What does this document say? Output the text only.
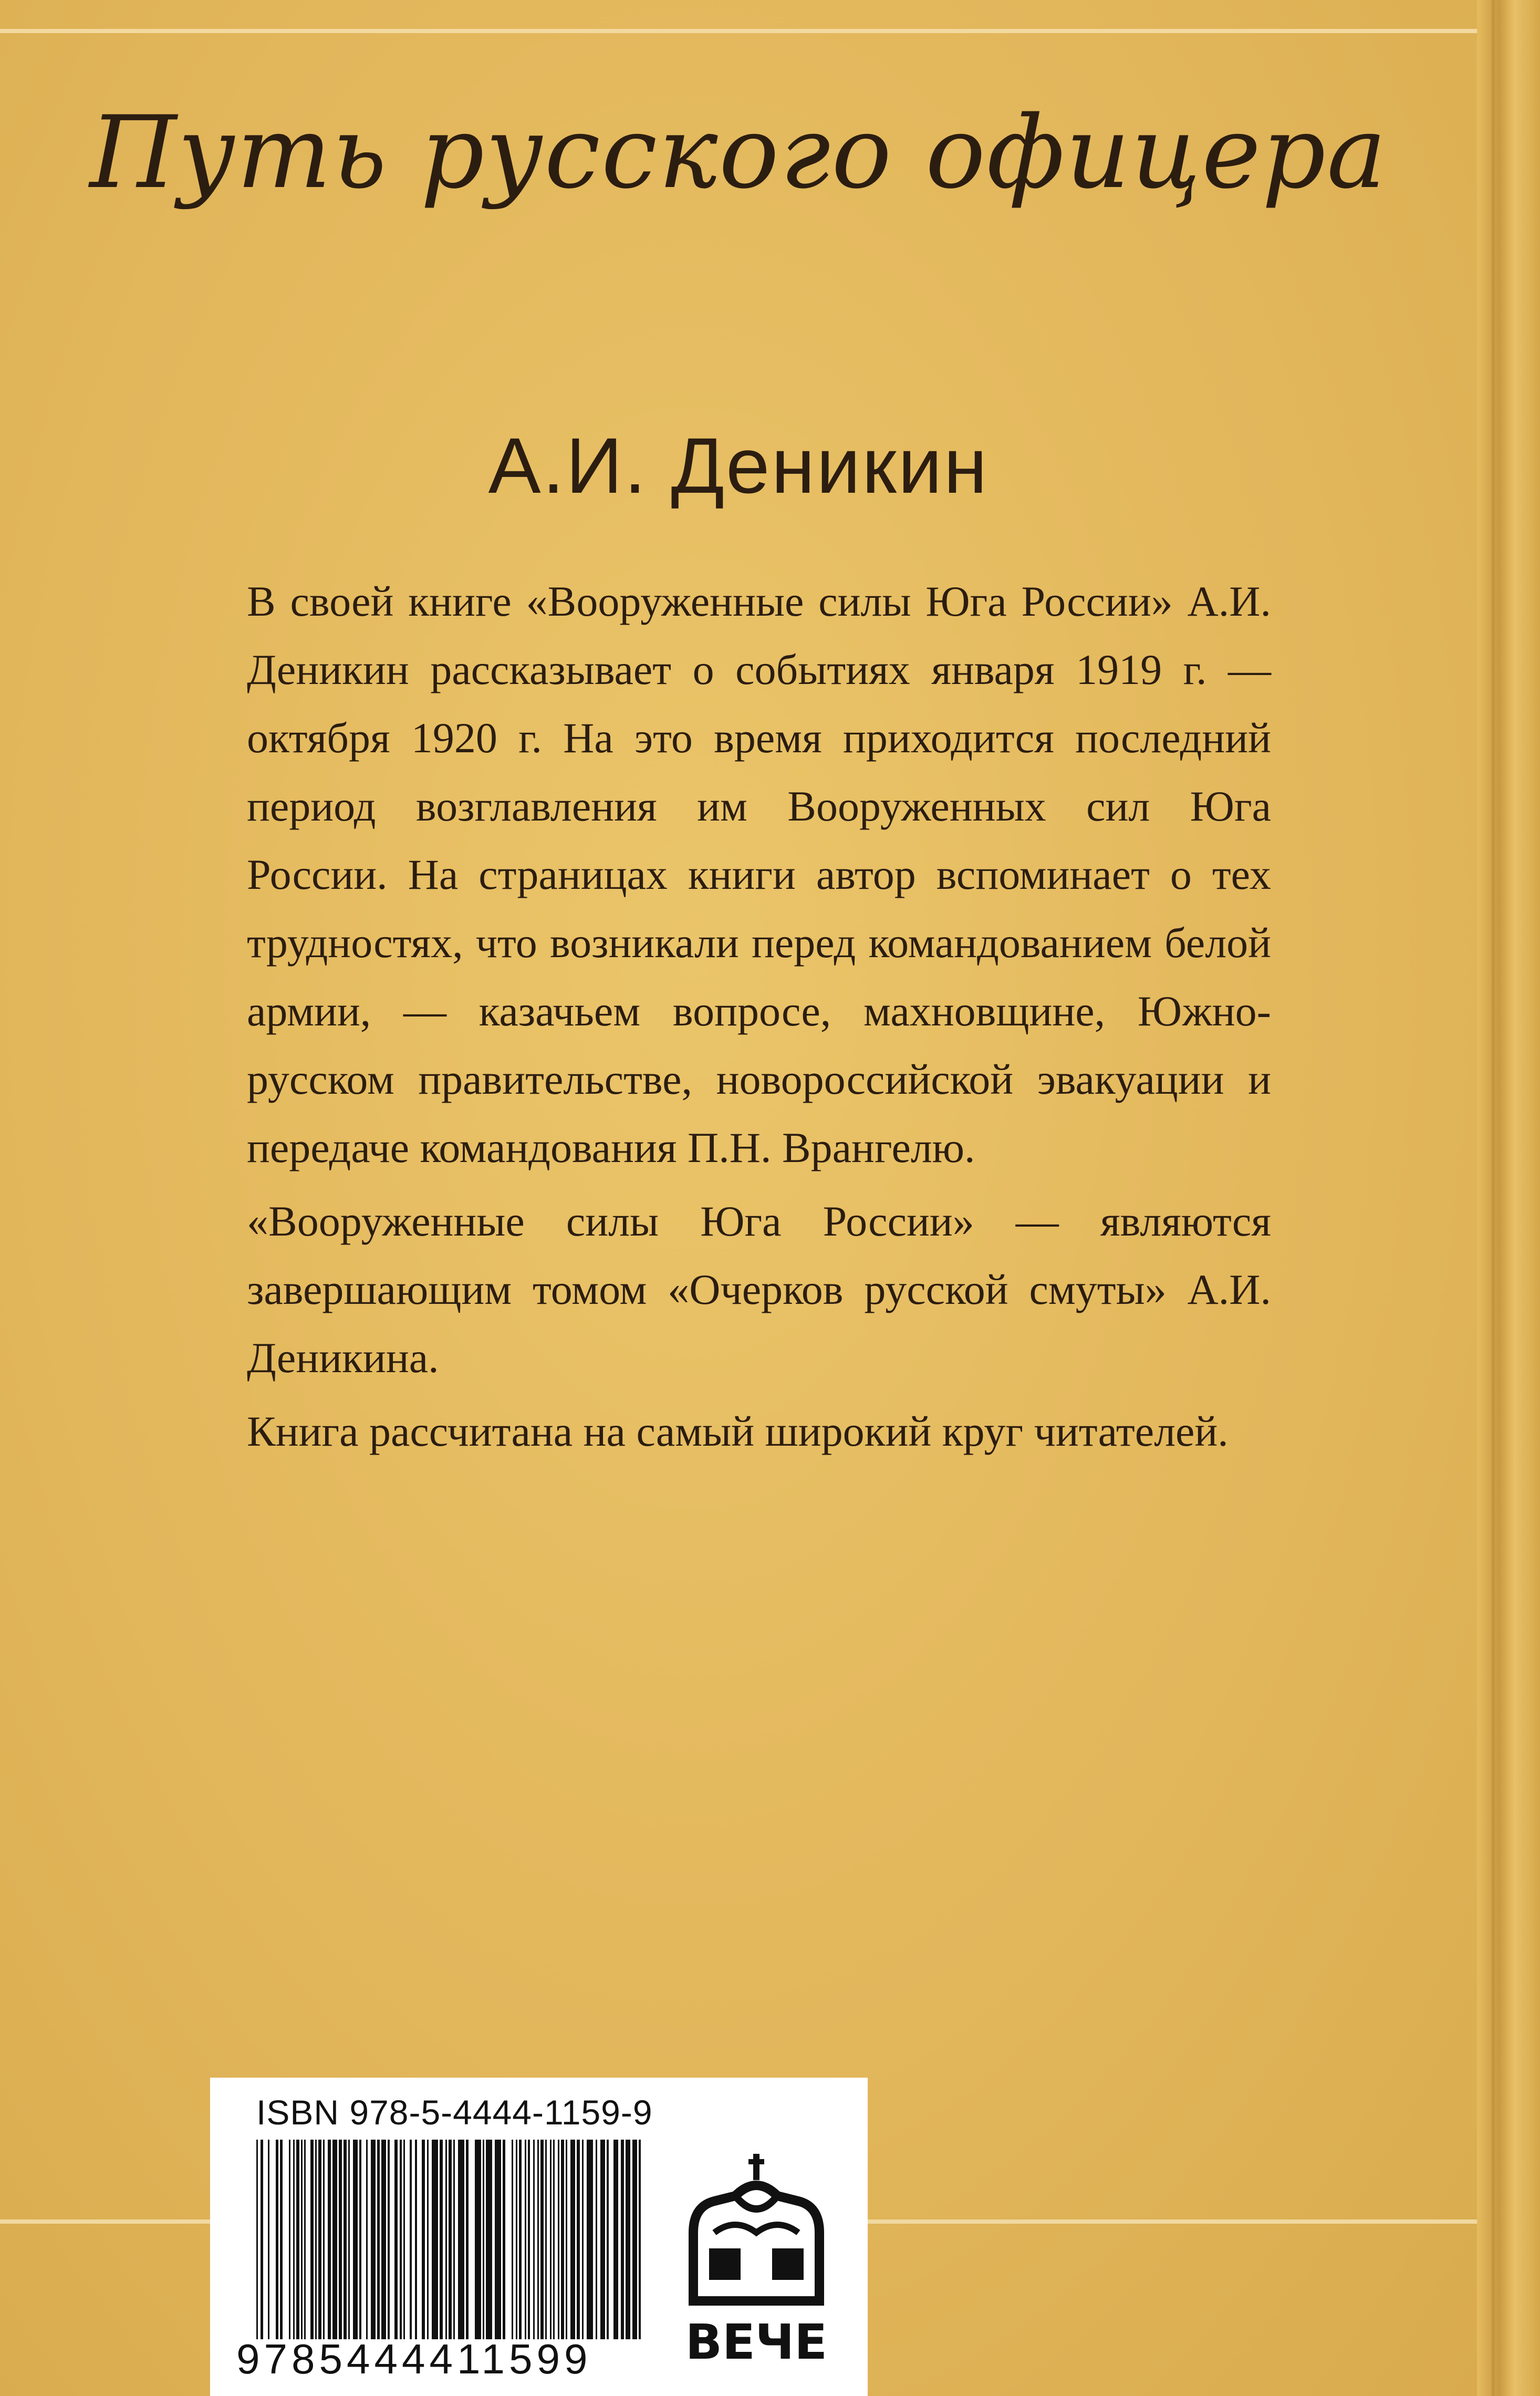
Путь русского офицера
А.И. Деникин

В своей книге «Вооруженные силы Юга России» А.И. Деникин рассказывает о событиях января 1919 г. — октября 1920 г. На это время приходится последний период возглавления им Вооруженных сил Юга России. На страницах книги автор вспоминает о тех трудностях, что возникали перед командованием белой армии, — казачьем вопросе, махновщине, Южно-русском правительстве, новороссийской эвакуации и передаче командования П.Н. Врангелю.

«Вооруженные силы Юга России» — являются завершающим томом «Очерков русской смуты» А.И. Деникина.

Книга рассчитана на самый широкий круг читателей.

ISBN 978-5-4444-1159-9
9785444411599	ВЕЧЕ
